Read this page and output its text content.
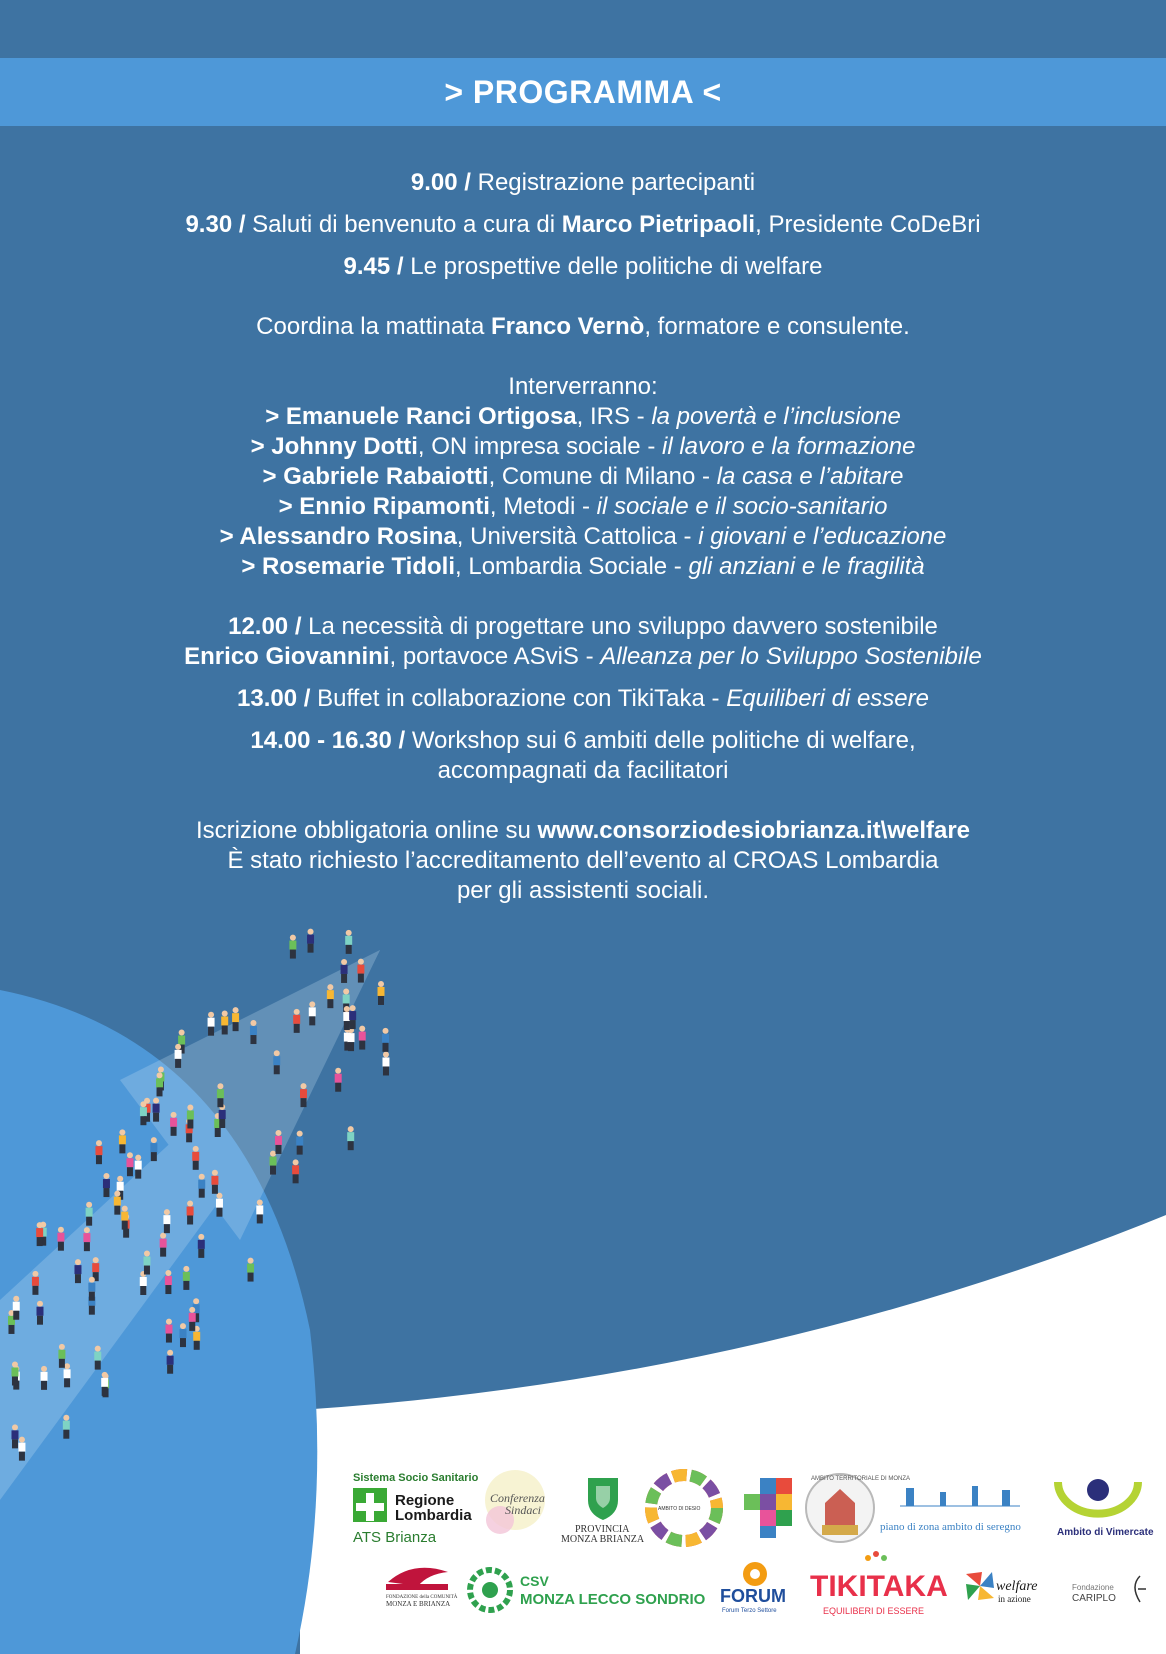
> PROGRAMMA <

9.00 / Registrazione partecipanti

9.30 / Saluti di benvenuto a cura di Marco Pietripaoli, Presidente CoDeBri

9.45 / Le prospettive delle politiche di welfare

Coordina la mattinata Franco Vernò, formatore e consulente.

Interverranno:

> Emanuele Ranci Ortigosa, IRS - la povertà e l’inclusione

> Johnny Dotti, ON impresa sociale - il lavoro e la formazione

> Gabriele Rabaiotti, Comune di Milano - la casa e l’abitare

> Ennio Ripamonti, Metodi - il sociale e il socio-sanitario

> Alessandro Rosina, Università Cattolica - i giovani e l’educazione

> Rosemarie Tidoli, Lombardia Sociale - gli anziani e le fragilità

12.00 / La necessità di progettare uno sviluppo davvero sostenibile

Enrico Giovannini, portavoce ASviS - Alleanza per lo Sviluppo Sostenibile

13.00 / Buffet in collaborazione con TikiTaka - Equiliberi di essere

14.00 - 16.30 / Workshop sui 6 ambiti delle politiche di welfare,

accompagnati da facilitatori

Iscrizione obbligatoria online su www.consorziodesiobrianza.it\welfare

È stato richiesto l’accreditamento dell’evento al CROAS Lombardia

per gli assistenti sociali.

Sistema Socio Sanitario
Regione
Lombardia
ATS Brianza
Conferenza
Sindaci
PROVINCIA
MONZA BRIANZA
AMBITO DI DESIO
AMBITO TERRITORIALE DI MONZA
piano di zona ambito di seregno	Ambito di Vimercate
FONDAZIONE della COMUNITÀ
MONZA E BRIANZA
CSV
MONZA LECCO SONDRIO FORUM
Forum Terzo Settore
TIKITAKA
EQUILIBERI DI ESSERE
welfare
in azione
Fondazione
CARIPLO
